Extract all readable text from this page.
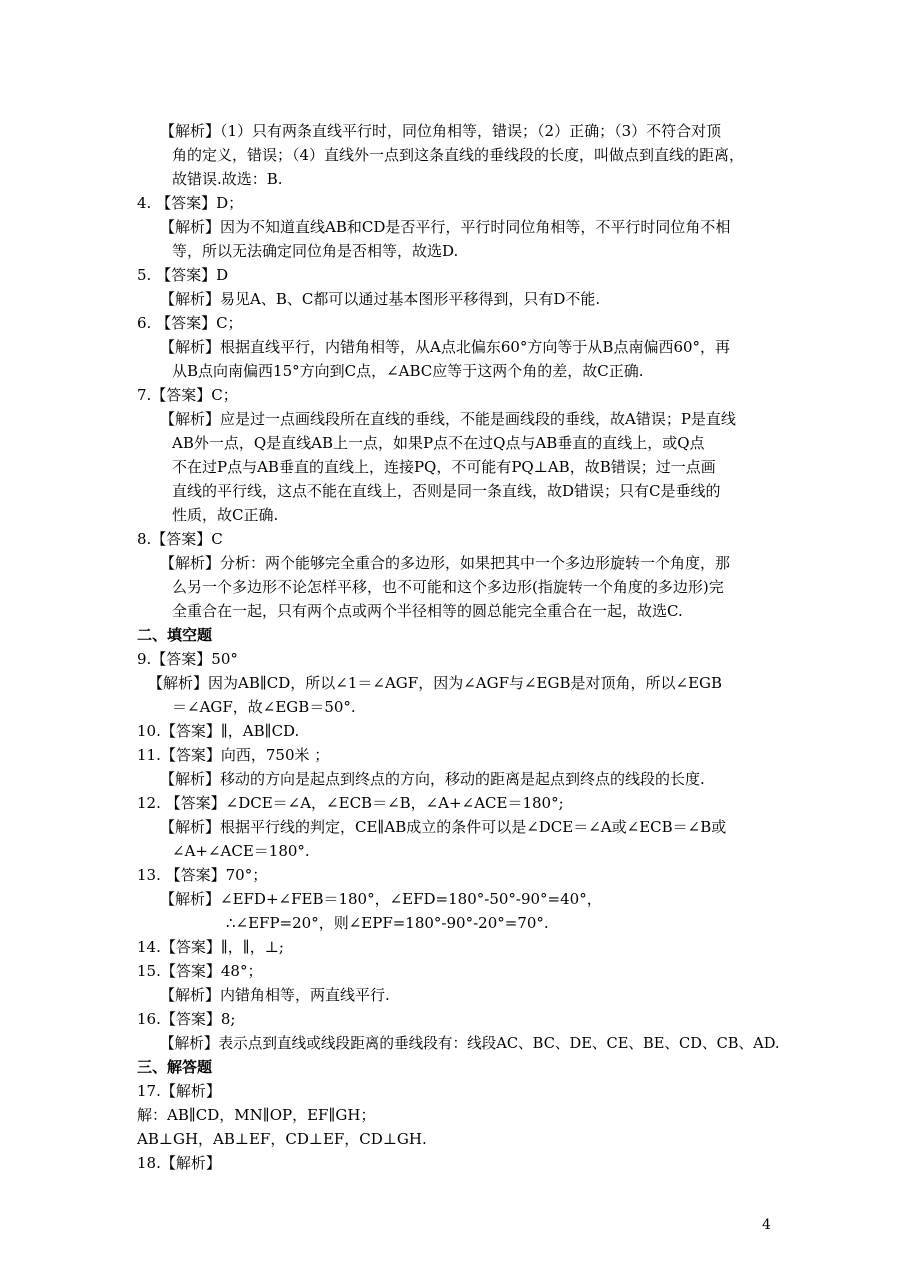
【解析】（1）只有两条直线平行时，同位角相等，错误；（2）正确；（3）不符合对顶
角的定义，错误；（4）直线外一点到这条直线的垂线段的长度，叫做点到直线的距离，
故错误.故选：B.
4. 【答案】D；
【解析】因为不知道直线AB和CD是否平行，平行时同位角相等，不平行时同位角不相
等，所以无法确定同位角是否相等，故选D.
5. 【答案】D
【解析】易见A、B、C都可以通过基本图形平移得到，只有D不能.
6. 【答案】C；
【解析】根据直线平行，内错角相等，从A点北偏东60°方向等于从B点南偏西60°，再
从B点向南偏西15°方向到C点，∠ABC应等于这两个角的差，故C正确.
7.【答案】C；
【解析】应是过一点画线段所在直线的垂线，不能是画线段的垂线，故A错误；P是直线
AB外一点，Q是直线AB上一点，如果P点不在过Q点与AB垂直的直线上，或Q点
不在过P点与AB垂直的直线上，连接PQ，不可能有PQ⊥AB，故B错误；过一点画
直线的平行线，这点不能在直线上，否则是同一条直线，故D错误；只有C是垂线的
性质，故C正确.
8.【答案】C
【解析】分析：两个能够完全重合的多边形，如果把其中一个多边形旋转一个角度，那
么另一个多边形不论怎样平移，也不可能和这个多边形(指旋转一个角度的多边形)完
全重合在一起，只有两个点或两个半径相等的圆总能完全重合在一起，故选C.
二、填空题
9.【答案】50°
【解析】因为AB∥CD，所以∠1＝∠AGF，因为∠AGF与∠EGB是对顶角，所以∠EGB
＝∠AGF，故∠EGB＝50°.
10.【答案】∥，AB∥CD.
11.【答案】向西，750米 ；
【解析】移动的方向是起点到终点的方向，移动的距离是起点到终点的线段的长度.
12. 【答案】∠DCE＝∠A，∠ECB＝∠B，∠A+∠ACE＝180°;
【解析】根据平行线的判定，CE∥AB成立的条件可以是∠DCE＝∠A或∠ECB＝∠B或
∠A+∠ACE＝180°.
13. 【答案】70°；
【解析】∠EFD+∠FEB＝180°，∠EFD=180°-50°-90°=40°，
∴∠EFP=20°，则∠EPF=180°-90°-20°=70°.
14.【答案】∥，∥，⊥;
15.【答案】48°；
【解析】内错角相等，两直线平行.
16.【答案】8;
【解析】表示点到直线或线段距离的垂线段有：线段AC、BC、DE、CE、BE、CD、CB、AD.
三、解答题
17.【解析】
解：AB∥CD，MN∥OP，EF∥GH；
AB⊥GH，AB⊥EF，CD⊥EF，CD⊥GH.
18.【解析】
4
